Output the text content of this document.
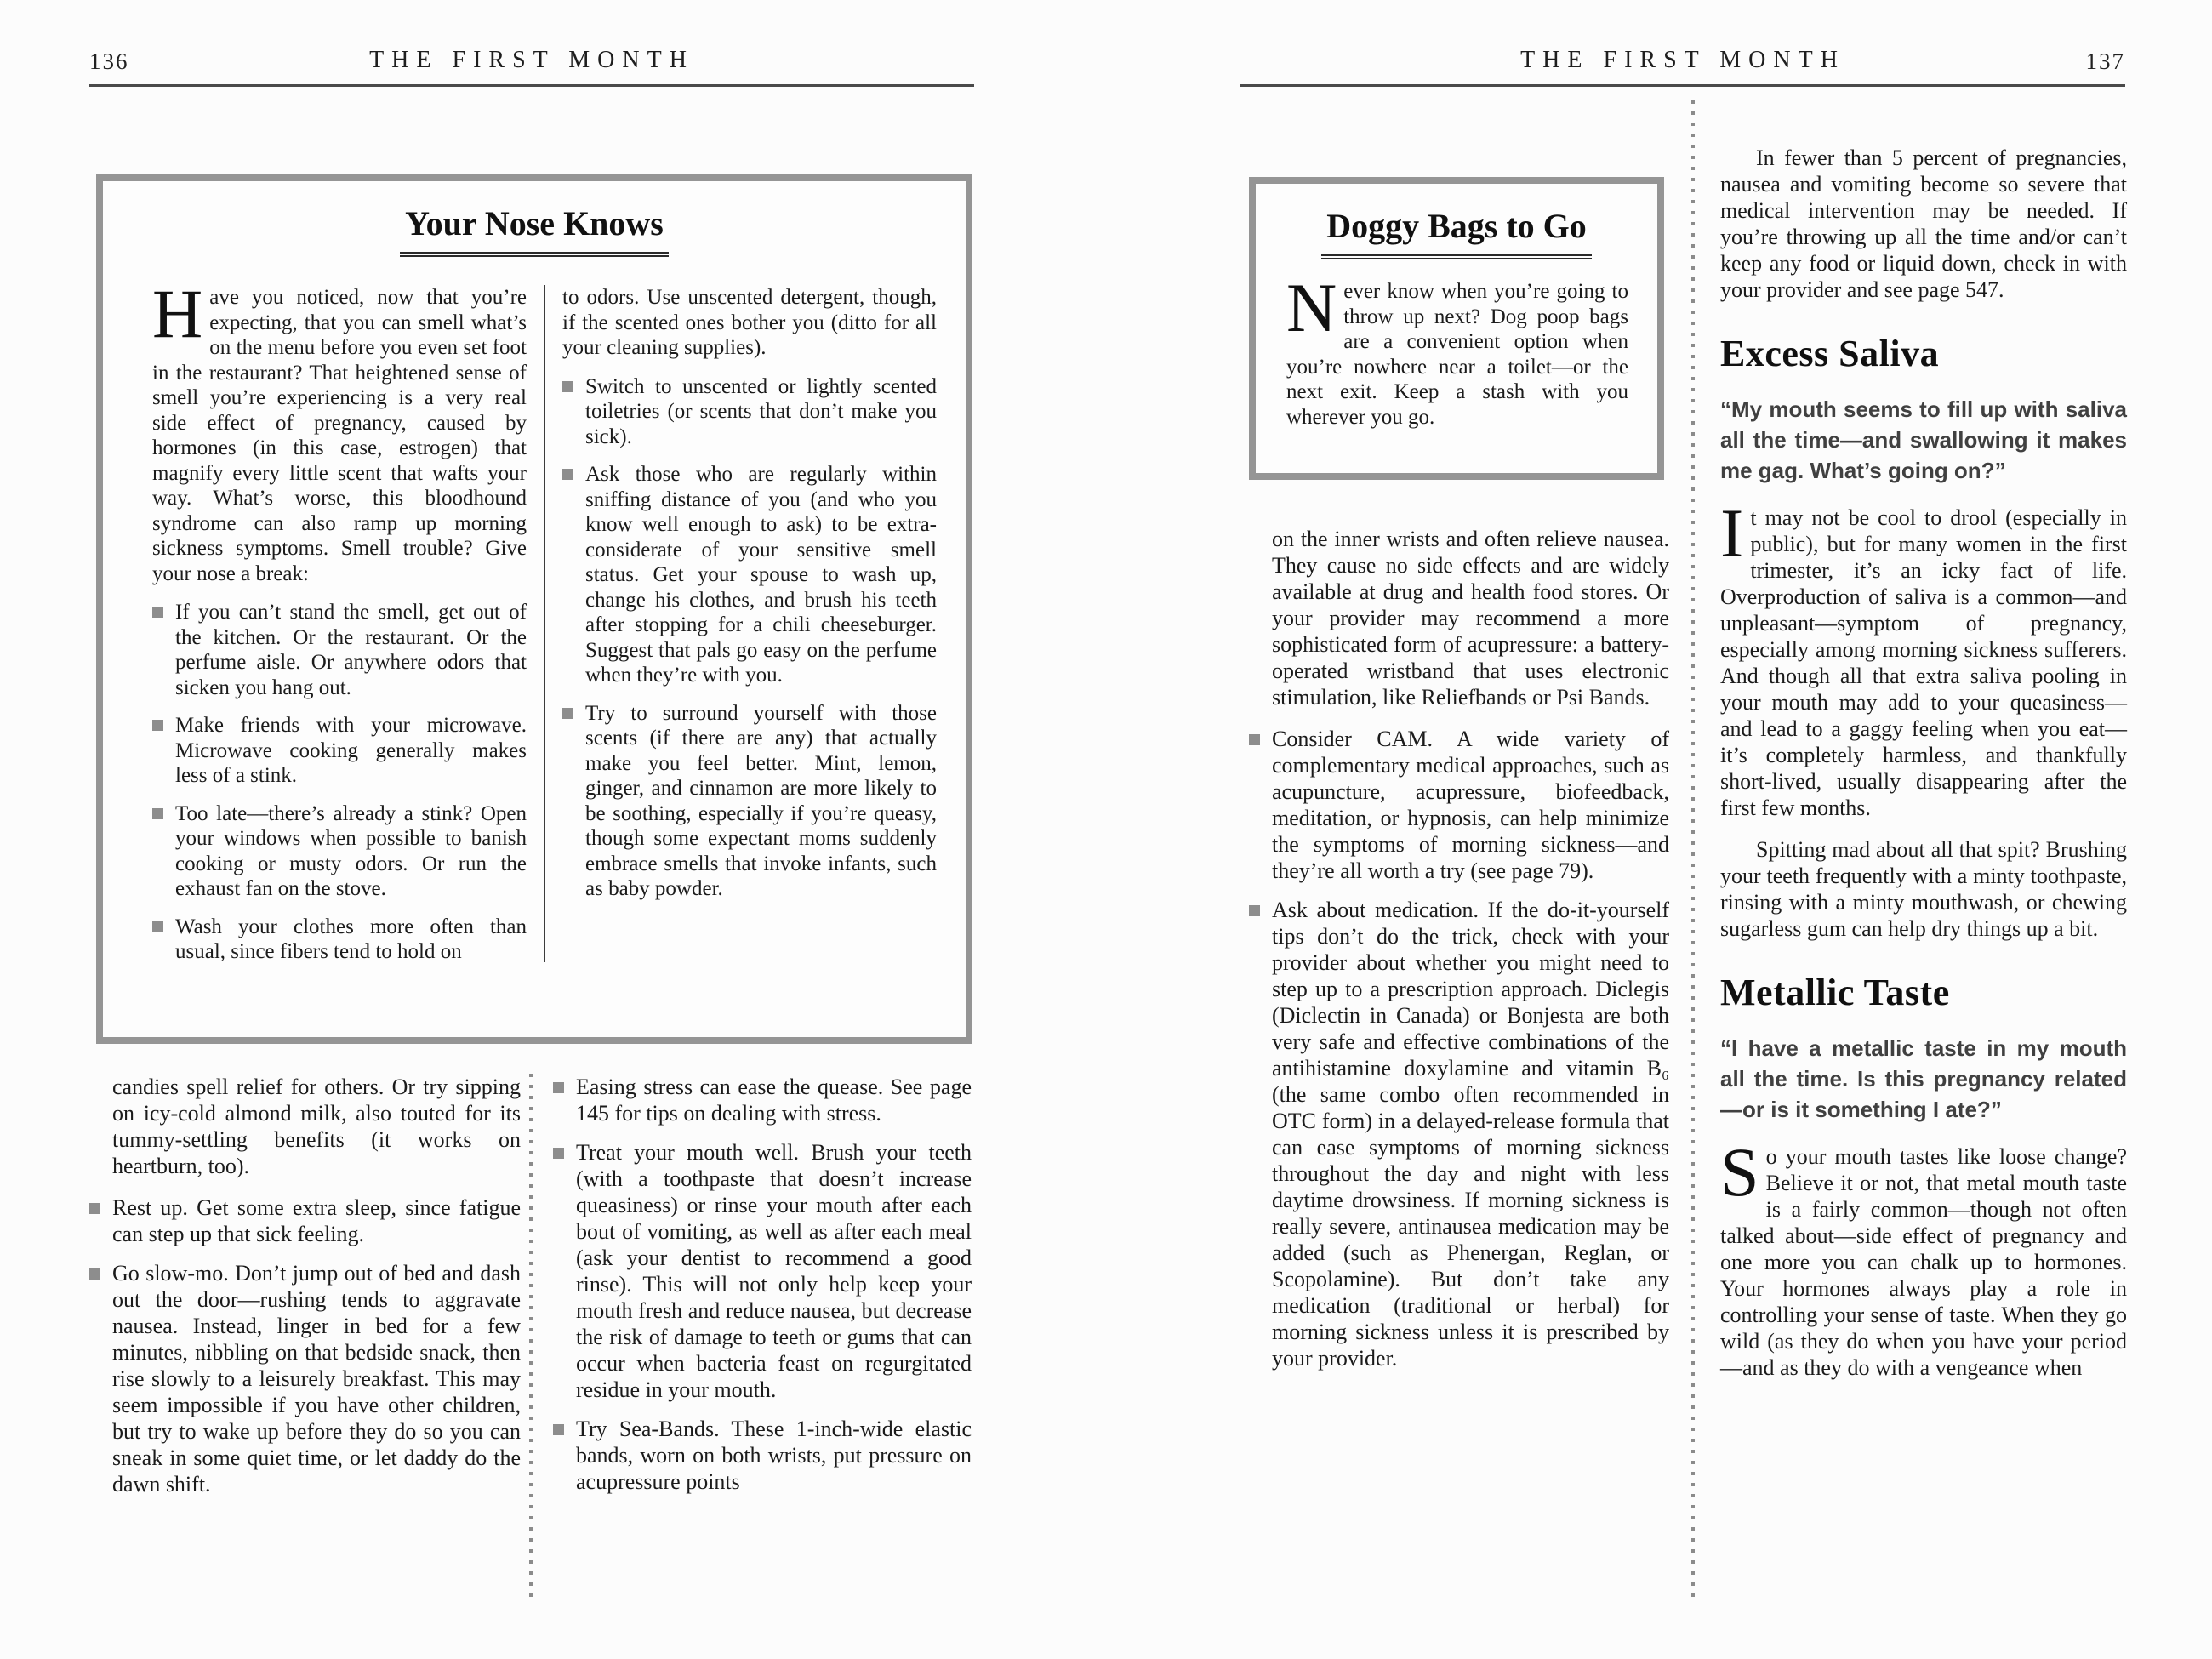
136	THE FIRST MONTH
Your Nose Knows

Have you noticed, now that you’re expecting, that you can smell what’s on the menu before you even set foot in the restaurant? That heightened sense of smell you’re experiencing is a very real side effect of pregnancy, caused by hormones (in this case, estrogen) that magnify every little scent that wafts your way. What’s worse, this bloodhound syndrome can also ramp up morning sickness symptoms. Smell trouble? Give your nose a break:

If you can’t stand the smell, get out of the kitchen. Or the restaurant. Or the perfume aisle. Or anywhere odors that sicken you hang out.
Make friends with your microwave. Microwave cooking generally makes less of a stink.
Too late—there’s already a stink? Open your windows when possible to banish cooking or musty odors. Or run the exhaust fan on the stove.
Wash your clothes more often than usual, since fibers tend to hold on

to odors. Use unscented detergent, though, if the scented ones bother you (ditto for all your cleaning supplies).

Switch to unscented or lightly scented toiletries (or scents that don’t make you sick).
Ask those who are regularly within sniffing distance of you (and who you know well enough to ask) to be extra-considerate of your sensitive smell status. Get your spouse to wash up, change his clothes, and brush his teeth after stopping for a chili cheeseburger. Suggest that pals go easy on the perfume when they’re with you.
Try to surround yourself with those scents (if there are any) that actually make you feel better. Mint, lemon, ginger, and cinnamon are more likely to be soothing, especially if you’re queasy, though some expectant moms suddenly embrace smells that invoke infants, such as baby powder.

candies spell relief for others. Or try sipping on icy-cold almond milk, also touted for its tummy-settling benefits (it works on heartburn, too).

Rest up. Get some extra sleep, since fatigue can step up that sick feeling.
Go slow-mo. Don’t jump out of bed and dash out the door—rushing tends to aggravate nausea. Instead, linger in bed for a few minutes, nibbling on that bedside snack, then rise slowly to a leisurely breakfast. This may seem impossible if you have other children, but try to wake up before they do so you can sneak in some quiet time, or let daddy do the dawn shift.
Easing stress can ease the quease. See page 145 for tips on dealing with stress.
Treat your mouth well. Brush your teeth (with a toothpaste that doesn’t increase queasiness) or rinse your mouth after each bout of vomiting, as well as after each meal (ask your dentist to recommend a good rinse). This will not only help keep your mouth fresh and reduce nausea, but decrease the risk of damage to teeth or gums that can occur when bacteria feast on regurgitated residue in your mouth.
Try Sea-Bands. These 1-inch-wide elastic bands, worn on both wrists, put pressure on acupressure points
THE FIRST MONTH	137
Doggy Bags to Go

Never know when you’re going to throw up next? Dog poop bags are a convenient option when you’re nowhere near a toilet—or the next exit. Keep a stash with you wherever you go.

on the inner wrists and often relieve nausea. They cause no side effects and are widely available at drug and health food stores. Or your provider may recommend a more sophisticated form of acupressure: a battery-operated wristband that uses electronic stimulation, like Reliefbands or Psi Bands.

Consider CAM. A wide variety of complementary medical approaches, such as acupuncture, acupressure, biofeedback, meditation, or hypnosis, can help minimize the symptoms of morning sickness—and they’re all worth a try (see page 79).
Ask about medication. If the do-it-yourself tips don’t do the trick, check with your provider about whether you might need to step up to a prescription approach. Diclegis (Diclectin in Canada) or Bonjesta are both very safe and effective combinations of the antihistamine doxylamine and vitamin B₆ (the same combo often recommended in OTC form) in a delayed-release formula that can ease symptoms of morning sickness throughout the day and night with less daytime drowsiness. If morning sickness is really severe, antinausea medication may be added (such as Phenergan, Reglan, or Scopolamine). But don’t take any medication (traditional or herbal) for morning sickness unless it is prescribed by your provider.

In fewer than 5 percent of pregnancies, nausea and vomiting become so severe that medical intervention may be needed. If you’re throwing up all the time and/or can’t keep any food or liquid down, check in with your provider and see page 547.

Excess Saliva

“My mouth seems to fill up with saliva all the time—and swallowing it makes me gag. What’s going on?”

It may not be cool to drool (especially in public), but for many women in the first trimester, it’s an icky fact of life. Overproduction of saliva is a common—and unpleasant—symptom of pregnancy, especially among morning sickness sufferers. And though all that extra saliva pooling in your mouth may add to your queasiness—and lead to a gaggy feeling when you eat—it’s completely harmless, and thankfully short-lived, usually disappearing after the first few months.

Spitting mad about all that spit? Brushing your teeth frequently with a minty toothpaste, rinsing with a minty mouthwash, or chewing sugarless gum can help dry things up a bit.

Metallic Taste

“I have a metallic taste in my mouth all the time. Is this pregnancy related—or is it something I ate?”

So your mouth tastes like loose change? Believe it or not, that metal mouth taste is a fairly common—though not often talked about—side effect of pregnancy and one more you can chalk up to hormones. Your hormones always play a role in controlling your sense of taste. When they go wild (as they do when you have your period—and as they do with a vengeance when
